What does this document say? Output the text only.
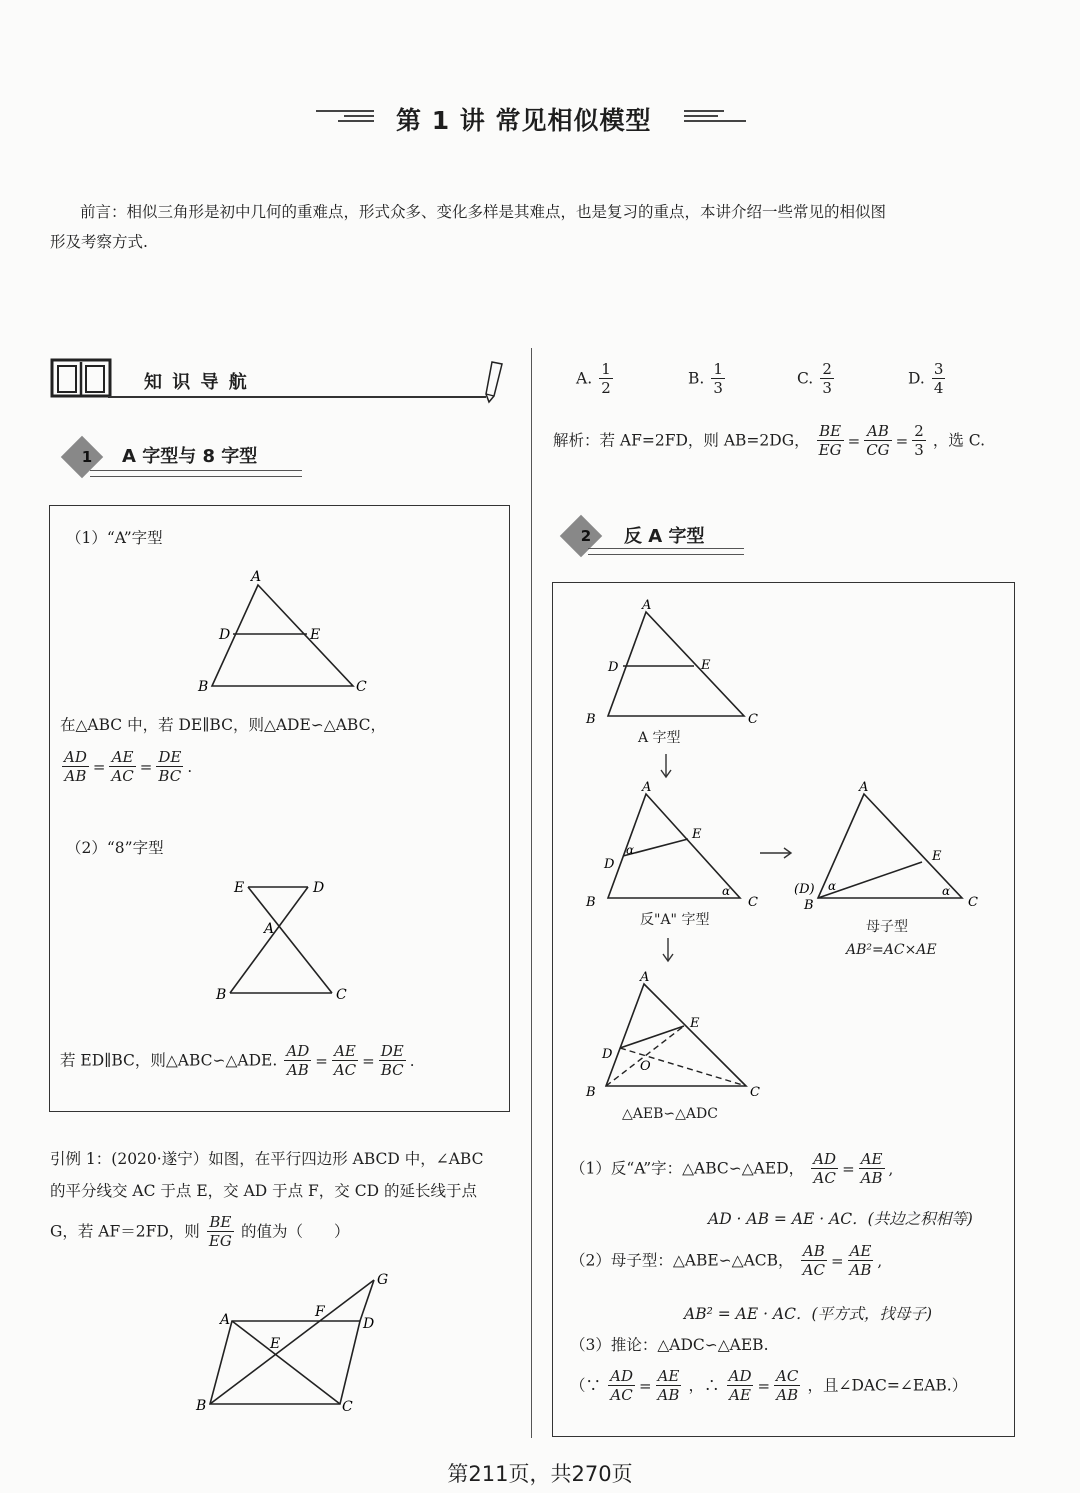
第 1 讲 常见相似模型
前言：相似三角形是初中几何的重难点，形式众多、变化多样是其难点，也是复习的重点，本讲介绍一些常见的相似图
形及考察方式.
知 识 导 航
1	A 字型与 8 字型
（1）“A”字型
A
D	E
B	C
在△ABC 中，若 DE∥BC，则△ADE∽△ABC，
$\frac{AD}{AB} = \frac{AE}{AC} = \frac{DE}{BC}$ .
（2）“8”字型
E	D
A
B	C
若 ED∥BC，则△ABC∽△ADE. $\frac{AD}{AB} = \frac{AE}{AC} = \frac{DE}{BC}$ .
引例 1：(2020·遂宁）如图，在平行四边形 ABCD 中，∠ABC
的平分线交 AC 于点 E，交 AD 于点 F，交 CD 的延长线于点
G，若 AF＝2FD，则 $\frac{BE}{EG}$ 的值为（　　）
A	F
G
D
E
B	C
A. $\frac{1}{2}$	B. $\frac{1}{3}$	C. $\frac{2}{3}$	D. $\frac{3}{4}$
解析：若 AF=2FD，则 AB=2DG， $\frac{BE}{EG} = \frac{AB}{CG} = \frac{2}{3}$ ，选 C.
2	反 A 字型
A
D	E
B	C
A 字型
A
D
E
α
α
B	C
反"A" 字型
A
E
(D) α	α
B	C
母子型
AB²=AC×AE
A
D
E
O
B	C
△AEB∽△ADC
（1）反“A”字：△ABC∽△AED， $\frac{AD}{AC} = \frac{AE}{AB}$ ,
AD · AB = AE · AC．(共边之积相等)
（2）母子型：△ABE∽△ACB， $\frac{AB}{AC} = \frac{AE}{AB}$ ,
AB² = AE · AC．(平方式，找母子)
（3）推论：△ADC∽△AEB.
（∵ $\frac{AD}{AC} = \frac{AE}{AB}$ ，∴ $\frac{AD}{AE} = \frac{AC}{AB}$ ，且∠DAC=∠EAB.）
第211页，共270页
